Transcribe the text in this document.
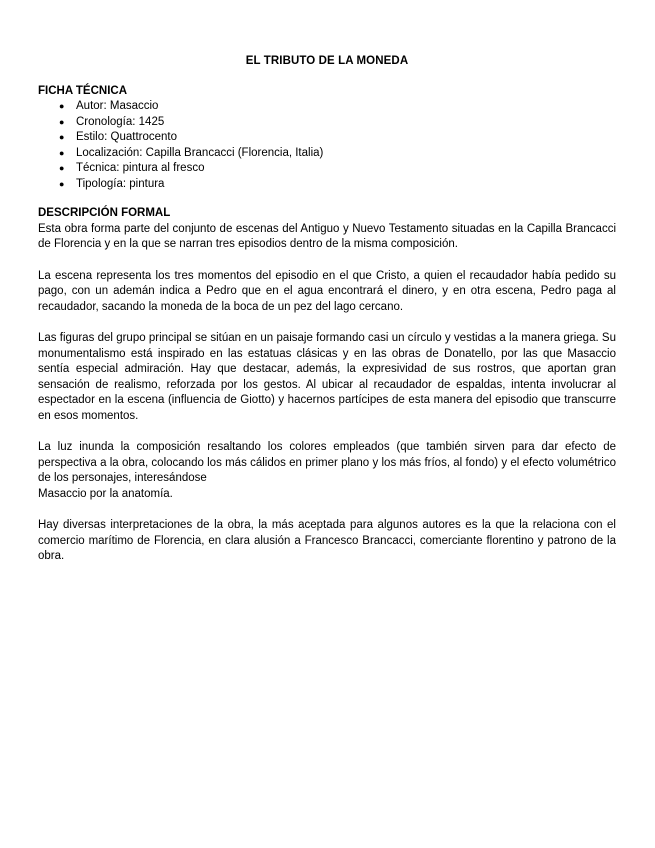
EL TRIBUTO DE LA MONEDA
FICHA TÉCNICA
● Autor: Masaccio
● Cronología: 1425
● Estilo: Quattrocento
● Localización: Capilla Brancacci (Florencia, Italia)
● Técnica: pintura al fresco
● Tipología: pintura
DESCRIPCIÓN FORMAL

Esta obra forma parte del conjunto de escenas del Antiguo y Nuevo Testamento situadas en la Capilla Brancacci de Florencia y en la que se narran tres episodios dentro de la misma composición.

La escena representa los tres momentos del episodio en el que Cristo, a quien el recaudador había pedido su pago, con un ademán indica a Pedro que en el agua encontrará el dinero, y en otra escena, Pedro paga al recaudador, sacando la moneda de la boca de un pez del lago cercano.

Las figuras del grupo principal se sitúan en un paisaje formando casi un círculo y vestidas a la manera griega. Su monumentalismo está inspirado en las estatuas clásicas y en las obras de Donatello, por las que Masaccio sentía especial admiración. Hay que destacar, además, la expresividad de sus rostros, que aportan gran sensación de realismo, reforzada por los gestos. Al ubicar al recaudador de espaldas, intenta involucrar al espectador en la escena (influencia de Giotto) y hacernos partícipes de esta manera del episodio que transcurre en esos momentos.

La luz inunda la composición resaltando los colores empleados (que también sirven para dar efecto de perspectiva a la obra, colocando los más cálidos en primer plano y los más fríos, al fondo) y el efecto volumétrico de los personajes, interesándose

Masaccio por la anatomía.

Hay diversas interpretaciones de la obra, la más aceptada para algunos autores es la que la relaciona con el comercio marítimo de Florencia, en clara alusión a Francesco Brancacci, comerciante florentino y patrono de la obra.
